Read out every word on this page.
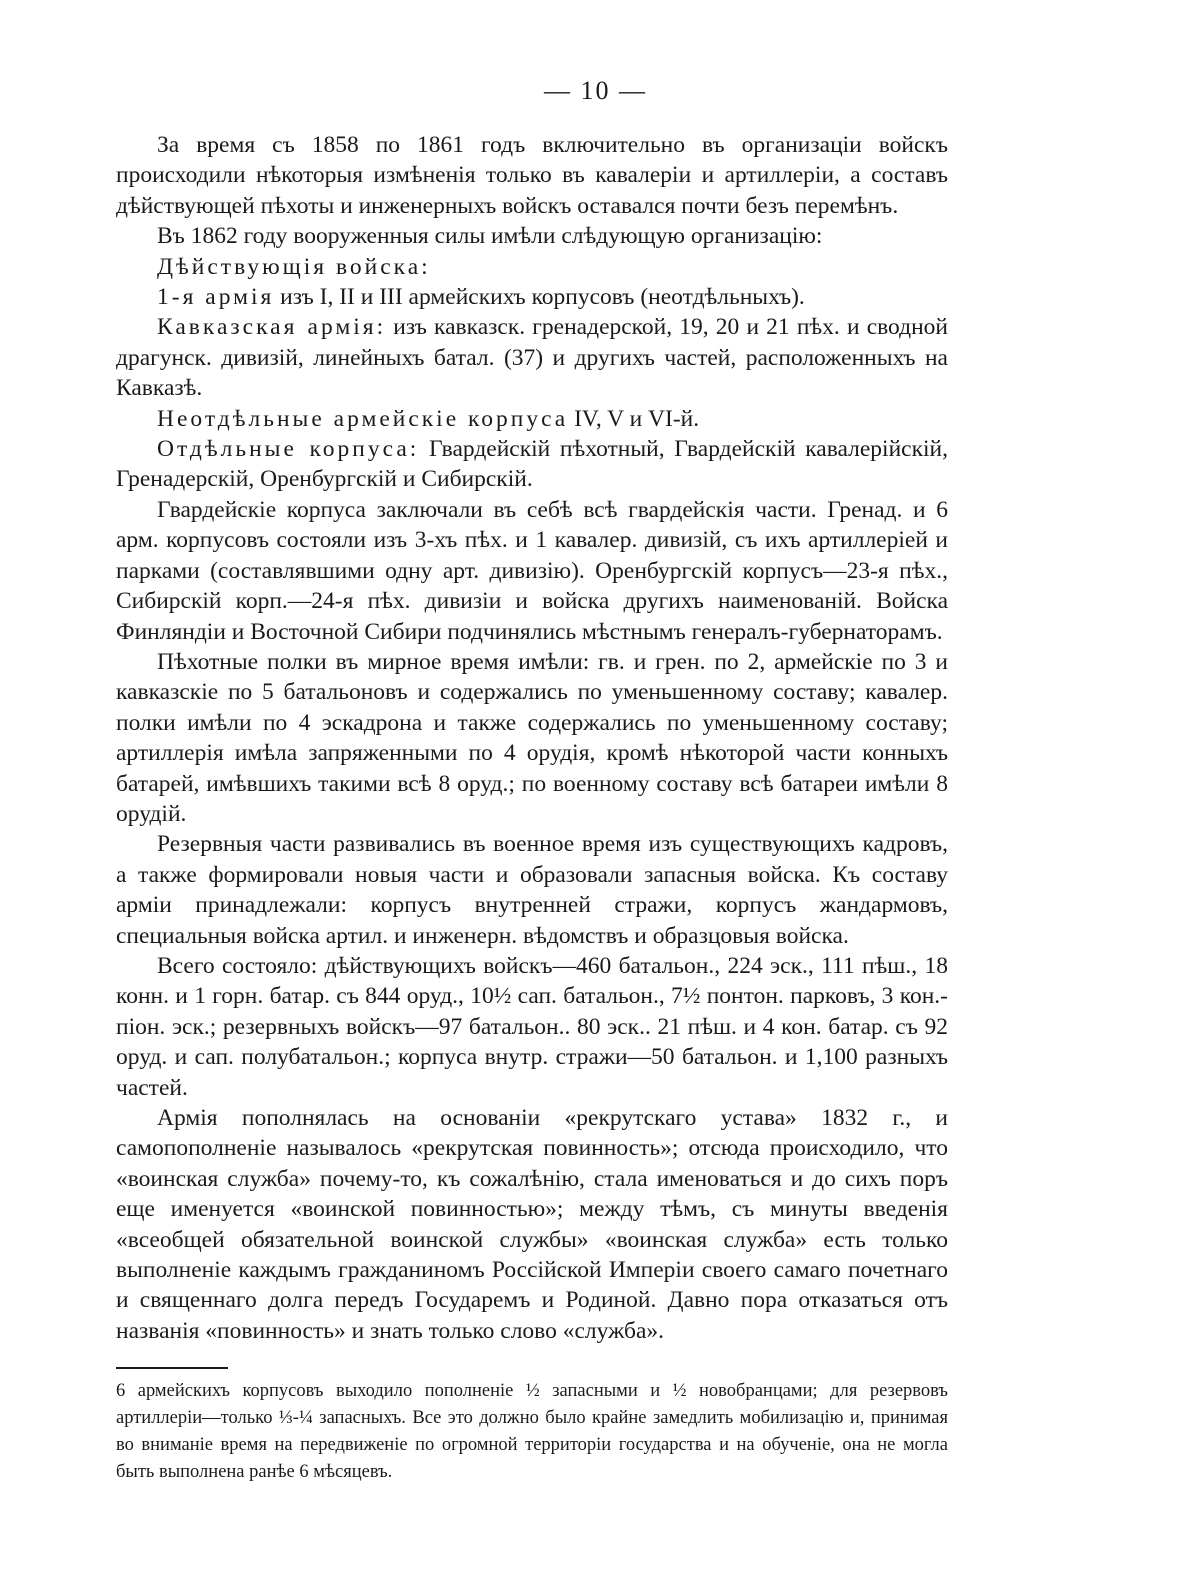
— 10 —

За время съ 1858 по 1861 годъ включительно въ организаціи войскъ происходили нѣкоторыя измѣненія только въ кавалеріи и артиллеріи, а составъ дѣйствующей пѣхоты и инженерныхъ войскъ оставался почти безъ перемѣнъ.

Въ 1862 году вооруженныя силы имѣли слѣдующую организацію:

Дѣйствующія войска:

1-я армія изъ I, II и III армейскихъ корпусовъ (неотдѣльныхъ).

Кавказская армія: изъ кавказск. гренадерской, 19, 20 и 21 пѣх. и сводной драгунск. дивизій, линейныхъ батал. (37) и другихъ частей, расположенныхъ на Кавказѣ.

Неотдѣльные армейскіе корпуса IV, V и VI-й.

Отдѣльные корпуса: Гвардейскій пѣхотный, Гвардейскій кавалерійскій, Гренадерскій, Оренбургскій и Сибирскій.

Гвардейскіе корпуса заключали въ себѣ всѣ гвардейскія части. Гренад. и 6 арм. корпусовъ состояли изъ 3-хъ пѣх. и 1 кавалер. дивизій, съ ихъ артиллеріей и парками (составлявшими одну арт. дивизію). Оренбургскій корпусъ—23-я пѣх., Сибирскій корп.—24-я пѣх. дивизіи и войска другихъ наименованій. Войска Финляндіи и Восточной Сибири подчинялись мѣстнымъ генералъ-губернаторамъ.

Пѣхотные полки въ мирное время имѣли: гв. и грен. по 2, армейскіе по 3 и кавказскіе по 5 батальоновъ и содержались по уменьшенному составу; кавалер. полки имѣли по 4 эскадрона и также содержались по уменьшенному составу; артиллерія имѣла запряженными по 4 орудія, кромѣ нѣкоторой части конныхъ батарей, имѣвшихъ такими всѣ 8 оруд.; по военному составу всѣ батареи имѣли 8 орудій.

Резервныя части развивались въ военное время изъ существующихъ кадровъ, а также формировали новыя части и образовали запасныя войска. Къ составу арміи принадлежали: корпусъ внутренней стражи, корпусъ жандармовъ, специальныя войска артил. и инженерн. вѣдомствъ и образцовыя войска.

Всего состояло: дѣйствующихъ войскъ—460 батальон., 224 эск., 111 пѣш., 18 конн. и 1 горн. батар. съ 844 оруд., 10½ сап. батальон., 7½ понтон. парковъ, 3 кон.-піон. эск.; резервныхъ войскъ—97 батальон.. 80 эск.. 21 пѣш. и 4 кон. батар. съ 92 оруд. и сап. полубатальон.; корпуса внутр. стражи—50 батальон. и 1,100 разныхъ частей.

Армія пополнялась на основаніи «рекрутскаго устава» 1832 г., и самопополненіе называлось «рекрутская повинность»; отсюда происходило, что «воинская служба» почему-то, къ сожалѣнію, стала именоваться и до сихъ поръ еще именуется «воинской повинностью»; между тѣмъ, съ минуты введенія «всеобщей обязательной воинской службы» «воинская служба» есть только выполненіе каждымъ гражданиномъ Россійской Имперіи своего самаго почетнаго и священнаго долга передъ Государемъ и Родиной. Давно пора отказаться отъ названія «повинность» и знать только слово «служба».

6 армейскихъ корпусовъ выходило пополненіе ½ запасными и ½ новобранцами; для резервовъ артиллеріи—только ⅓-¼ запасныхъ. Все это должно было крайне замедлить мобилизацію и, принимая во вниманіе время на передвиженіе по огромной территоріи государства и на обученіе, она не могла быть выполнена ранѣе 6 мѣсяцевъ.
